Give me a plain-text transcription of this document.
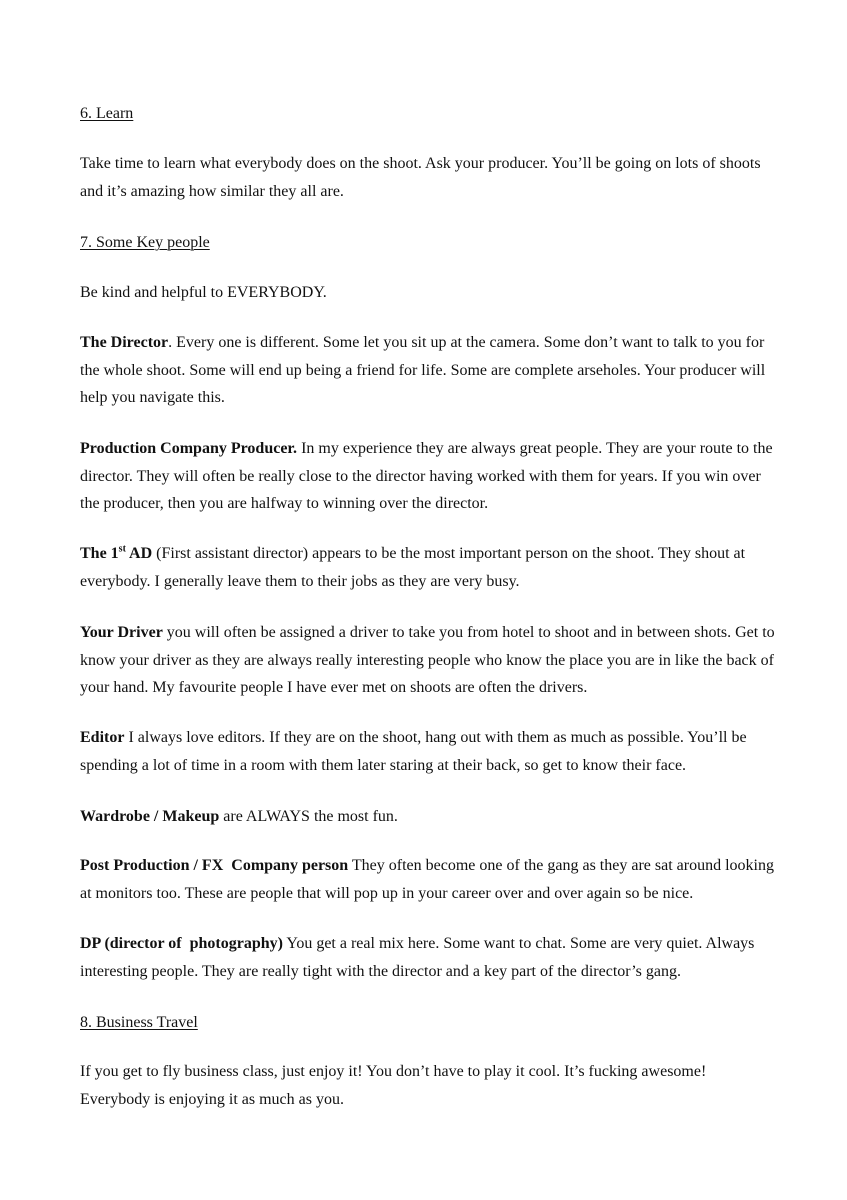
6. Learn

Take time to learn what everybody does on the shoot. Ask your producer. You’ll be going on lots of shoots and it’s amazing how similar they all are.

7. Some Key people

Be kind and helpful to EVERYBODY.

The Director. Every one is different. Some let you sit up at the camera. Some don’t want to talk to you for the whole shoot. Some will end up being a friend for life. Some are complete arseholes. Your producer will help you navigate this.

Production Company Producer. In my experience they are always great people. They are your route to the director. They will often be really close to the director having worked with them for years. If you win over the producer, then you are halfway to winning over the director.

The 1st AD (First assistant director) appears to be the most important person on the shoot. They shout at everybody. I generally leave them to their jobs as they are very busy.

Your Driver you will often be assigned a driver to take you from hotel to shoot and in between shots. Get to know your driver as they are always really interesting people who know the place you are in like the back of your hand. My favourite people I have ever met on shoots are often the drivers.

Editor I always love editors. If they are on the shoot, hang out with them as much as possible. You’ll be spending a lot of time in a room with them later staring at their back, so get to know their face.

Wardrobe / Makeup are ALWAYS the most fun.

Post Production / FX  Company person They often become one of the gang as they are sat around looking at monitors too. These are people that will pop up in your career over and over again so be nice.

DP (director of  photography) You get a real mix here. Some want to chat. Some are very quiet. Always interesting people. They are really tight with the director and a key part of the director’s gang.

8. Business Travel

If you get to fly business class, just enjoy it! You don’t have to play it cool. It’s fucking awesome! Everybody is enjoying it as much as you.
